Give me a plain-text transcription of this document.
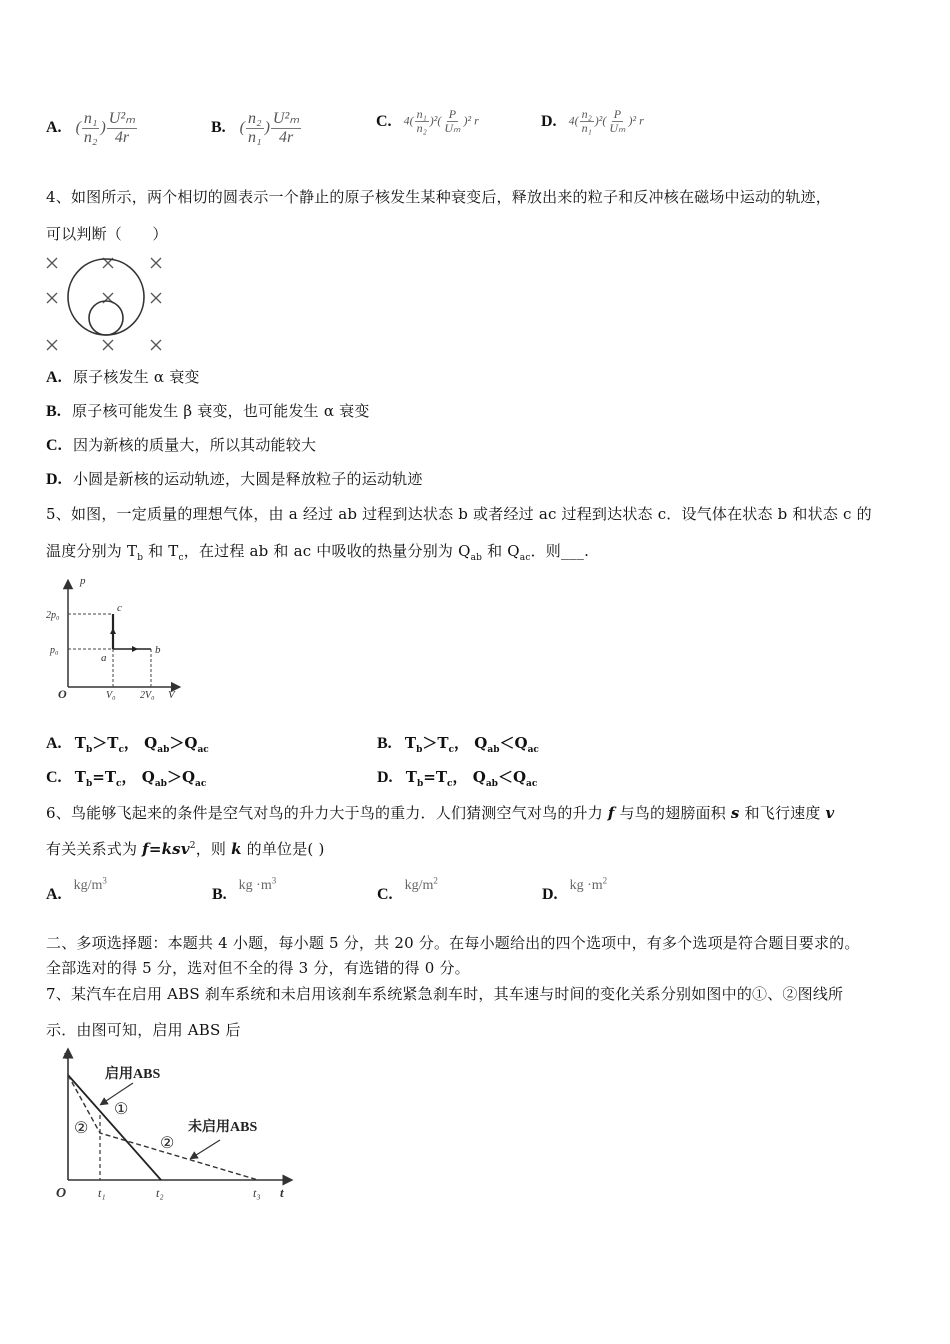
A. ( $\frac{\text{n₁}}{\text{n₂}}$ ) $\frac{\text{U²ₘ}}{4r}$	B. ( $\frac{\text{n₂}}{\text{n₁}}$ ) $\frac{\text{U²ₘ}}{4r}$	C. $4( \frac{\text{n₁}}{\text{n₂}} )^2( \frac{P}{\text{Uₘ}} )^2$ r	D. $4( \frac{\text{n₂}}{\text{n₁}} )^2( \frac{P}{\text{Uₘ}} )^2$ r
4、如图所示，两个相切的圆表示一个静止的原子核发生某种衰变后，释放出来的粒子和反冲核在磁场中运动的轨迹，
可以判断（　　）
A. 原子核发生 α 衰变
B. 原子核可能发生 β 衰变，也可能发生 α 衰变
C. 因为新核的质量大，所以其动能较大
D. 小圆是新核的运动轨迹，大圆是释放粒子的运动轨迹
5、如图，一定质量的理想气体，由 a 经过 ab 过程到达状态 b 或者经过 ac 过程到达状态 c．设气体在状态 b 和状态 c 的
温度分别为 $T_b$ 和 $T_c$，在过程 ab 和 ac 中吸收的热量分别为 $Q_{ab}$ 和 $Q_{ac}$．则___.
p
V
O
2p₀
p₀
V₀ 2V₀
a
b
c
A. $T_b>T_c$， $Q_{ab}>Q_{ac}$	B. $T_b>T_c$， $Q_{ab}<Q_{ac}$
C. $T_b=T_c$， $Q_{ab}>Q_{ac}$	D. $T_b=T_c$， $Q_{ab}<Q_{ac}$
6、鸟能够飞起来的条件是空气对鸟的升力大于鸟的重力．人们猜测空气对鸟的升力 f 与鸟的翅膀面积 s 和飞行速度 v
有关关系式为 f=ksv$^2$，则 k 的单位是( )
$A.kg/m^3$
$B.kg \cdot m^3$
$C.kg/m^2$
$D.kg \cdot m^2$
二、多项选择题：本题共 4 小题，每小题 5 分，共 20 分。在每小题给出的四个选项中，有多个选项是符合题目要求的。
全部选对的得 5 分，选对但不全的得 3 分，有选错的得 0 分。
7、某汽车在启用 ABS 刹车系统和未启用该刹车系统紧急刹车时，其车速与时间的变化关系分别如图中的①、②图线所
示．由图可知，启用 ABS 后
v
t
O	t₁	t₂	t₃
启用ABS
未启用ABS
①
②
②
